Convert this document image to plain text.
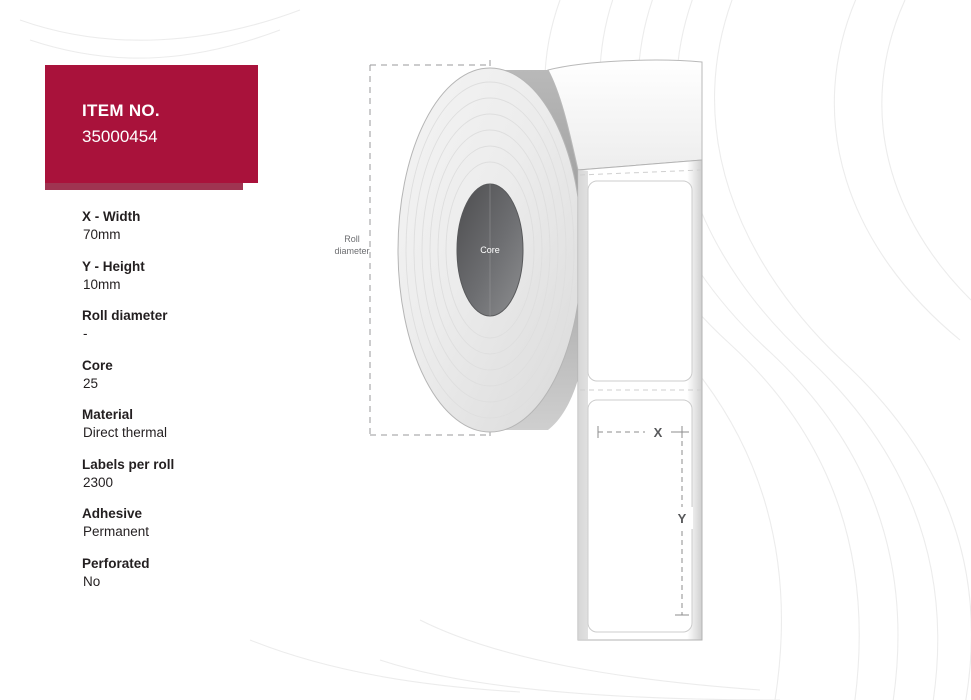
ITEM NO.
35000454
X - Width
70mm
Y - Height
10mm
Roll diameter
-
Core
25
Material
Direct thermal
Labels per roll
2300
Adhesive
Permanent
Perforated
No
Roll
diameter	Core
X
Y
